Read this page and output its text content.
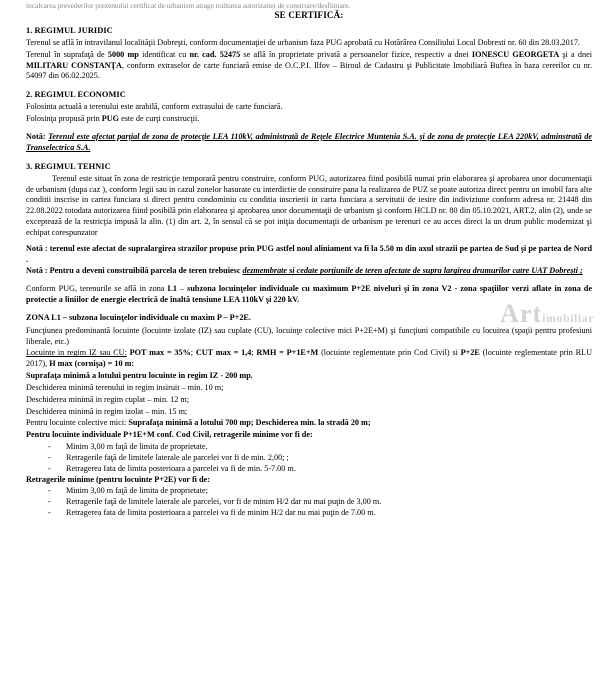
incalcarea prevederilor prezentului certificat de urbanism atrage nulitatea autorizatiei de construire/desfiintare.
SE CERTIFICĂ:
1. REGIMUL JURIDIC

Terenul se află în intravilanul localităţii Dobreşti, conform documentaţiei de urbanism faza PUG aprobată cu Hotărârea Consiliului Local Dobresti nr. 60 din 28.03.2017.

Terenul în suprafaţă de 5000 mp identificat cu nr. cad. 52475 se află în proprietate privată a persoanelor fizice, respectiv a dnei IONESCU GEORGETA şi a dnei MILITARU CONSTANŢA, conform extraselor de carte funciară emise de O.C.P.I. Ilfov – Biroul de Cadastru şi Publicitate Imobiliară Buftea în baza cererilor cu nr. 54097 din 06.02.2025.

2. REGIMUL ECONOMIC

Folosinta actuală a terenului este arabilă, conform extrasului de carte funciară.

Folosinţa propusă prin PUG este de curţi construcţii.

Notă: Terenul este afectat parţial de zona de protecţie LEA 110kV, administrată de Reţele Electrice Muntenia S.A. şi de zona de protecţie LEA 220kV, adminstrată de Transelectrica S.A.

3. REGIMUL TEHNIC

Terenul este situat în zona de restricţie temporară pentru construire, conform PUG, autorizarea fiind posibilă numai prin elaborarea şi aprobarea unor documentaţii de urbanism (dupa caz ), conform legii sau in cazul zonelor hasurate cu interdictie de construire pana la realizarea de PUZ se poate autoriza direct pentru un imobil fara alte conditii inscrise in cartea funciara si direct pentru condominiu cu conditia inscrierii in carta funciara a servitutii de iesire din indiviziune conform adresa nr. 21448 din 22.08.2022 totodata autorizarea fiind posibilă prin elaborarea şi aprobarea unor documentaţii de urbanism şi conform HCLD nr. 80 din 05.10.2021, ART.2, alin (2), unde se exceptează de la restricţia impusă la alin. (1) din art. 2, în sensul că se pot iniţia documentaţii de urbanism pe terenuri ce au acces direct la un drum public modernizat şi echipat corespunzator

Notă : terenul este afectat de supralargirea strazilor propuse prin PUG astfel noul aliniament va fi la 5.50 m din axul strazii pe partea de Sud şi pe partea de Nord .

Notă : Pentru a deveni construibilă parcela de teren trebuiesc dezmembrate si cedate porţiunile de teren afectate de supra largirea drumurilor catre UAT Dobreşti ;

Conform PUG, terenurile se află in zona L1 – subzona locuinţelor individuale cu maximum P+2E niveluri şi în zona V2 - zona spaţiilor verzi aflate in zona de protectie a liniilor de energie electrică de înaltă tensiune LEA 110kV şi 220 kV.

ZONA L1 – subzona locuinţelor individuale cu maxim P – P+2E.

Funcţiunea predominantă locuinte (locuinte izolate (IZ) sau cuplate (CU), locuinţe colective mici P+2E+M) şi funcţiuni compatibile cu locuirea (spaţii pentru profesiuni liberale, etc.)

Locuinte in regim IZ sau CU: POT max = 35%; CUT max = 1,4; RMH = P+1E+M (locuinte reglementate prin Cod Civil) si P+2E (locuinte reglementate prin RLU 2017), H max (cornişa) = 10 m:

Suprafaţa minimă a lotului pentru locuinte in regim IZ - 200 mp.

Deschiderea minimă terenului in regim insiruit – min. 10 m;

Deschiderea minimă in regim cuplat – min. 12 m;

Deschiderea minimă in regim izolat – min. 15 m;

Pentru locuinte colective mici: Suprafaţa minimă a lotului 700 mp; Deschiderea min. la stradă 20 m;

Pentru locuinte individuale P+1E+M conf. Cod Civil, retragerile minime vor fi de:

- Minim 3,00 m faţă de limita de proprietate.
- Retragerile faţă de limitele laterale ale parcelei vor fi de min. 2,00; ;
- Retragerea fata de limita posterioara a parcelei va fi de min. 5-7.00 m.

Retragerile minime (pentru locuinte P+2E) vor fi de:

- Minim 3,00 m faţă de limita de proprietate;
- Retragerile faţă de limitele laterale ale parcelei, vor fi de minim H/2 dar nu mai puţin de 3,00 m.
- Retragerea fata de limita posterioara a parcelei va fi de minim H/2 dar nu mai puţin de 7.00 m.
Artimobiliar
